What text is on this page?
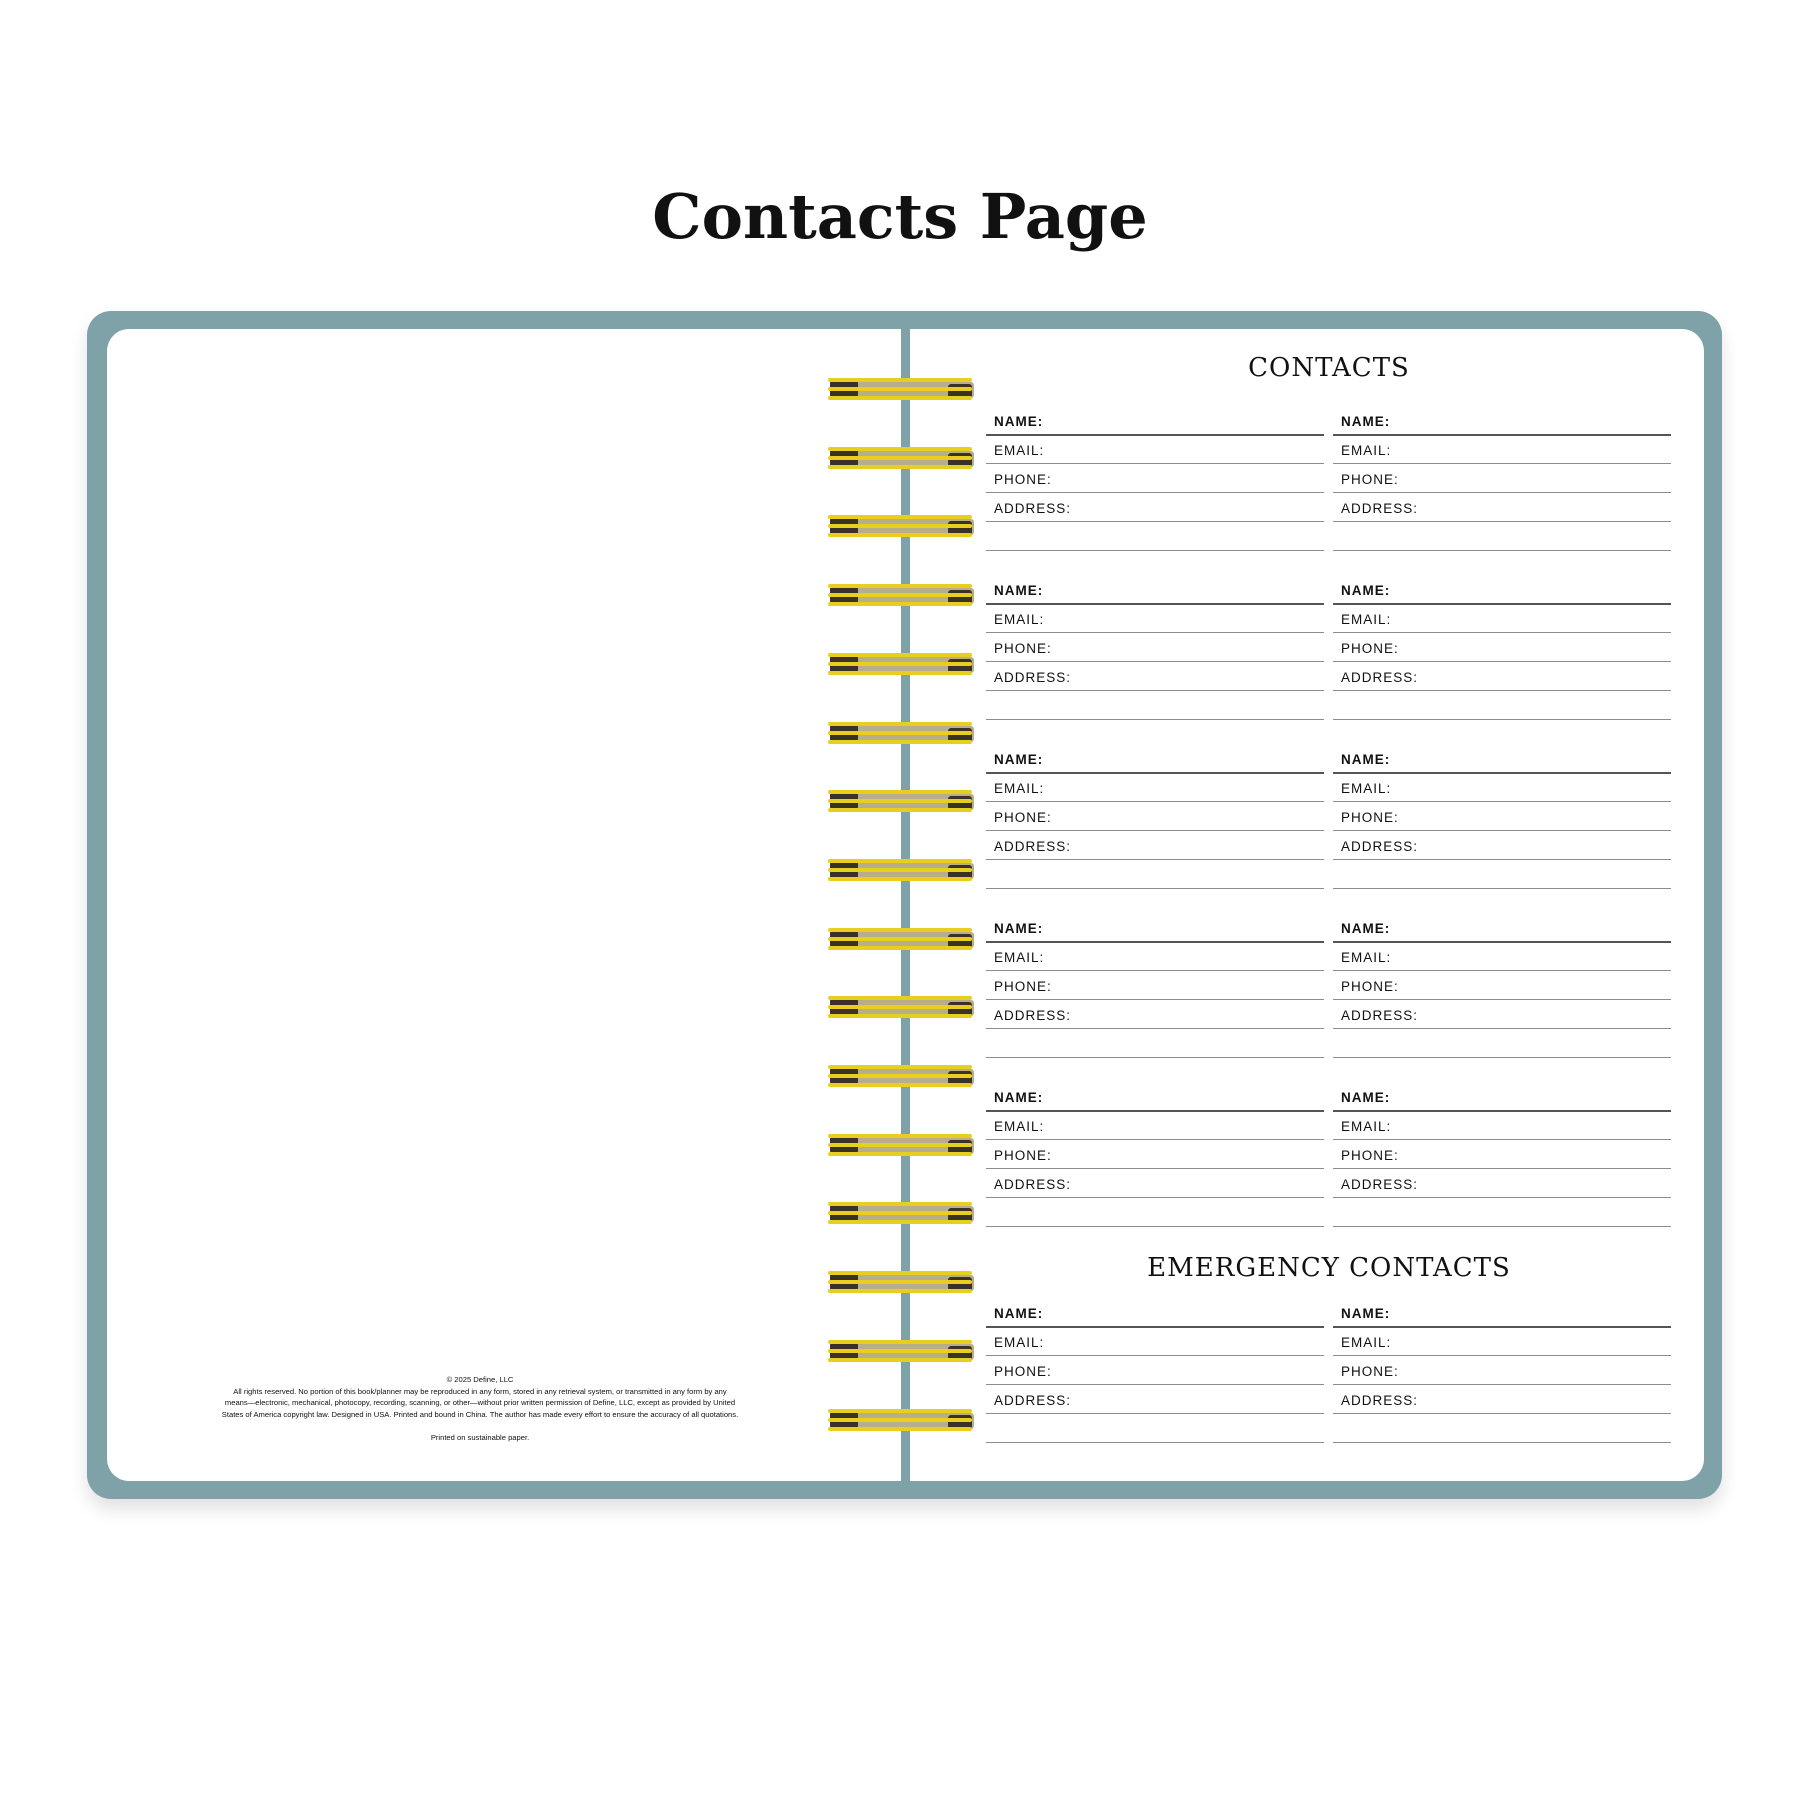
Contacts Page
© 2025 Define, LLC
All rights reserved. No portion of this book/planner may be reproduced in any form, stored in any retrieval system, or transmitted in any form by any
means—electronic, mechanical, photocopy, recording, scanning, or other—without prior written permission of Define, LLC, except as provided by United
States of America copyright law. Designed in USA. Printed and bound in China. The author has made every effort to ensure the accuracy of all quotations.
Printed on sustainable paper.
CONTACTS
EMERGENCY CONTACTS
NAME:
EMAIL:
PHONE:
ADDRESS:
NAME:
EMAIL:
PHONE:
ADDRESS:
NAME:
EMAIL:
PHONE:
ADDRESS:
NAME:
EMAIL:
PHONE:
ADDRESS:
NAME:
EMAIL:
PHONE:
ADDRESS:
NAME:
EMAIL:
PHONE:
ADDRESS:
NAME:
EMAIL:
PHONE:
ADDRESS:
NAME:
EMAIL:
PHONE:
ADDRESS:
NAME:
EMAIL:
PHONE:
ADDRESS:
NAME:
EMAIL:
PHONE:
ADDRESS:
NAME:
EMAIL:
PHONE:
ADDRESS:
NAME:
EMAIL:
PHONE:
ADDRESS:
